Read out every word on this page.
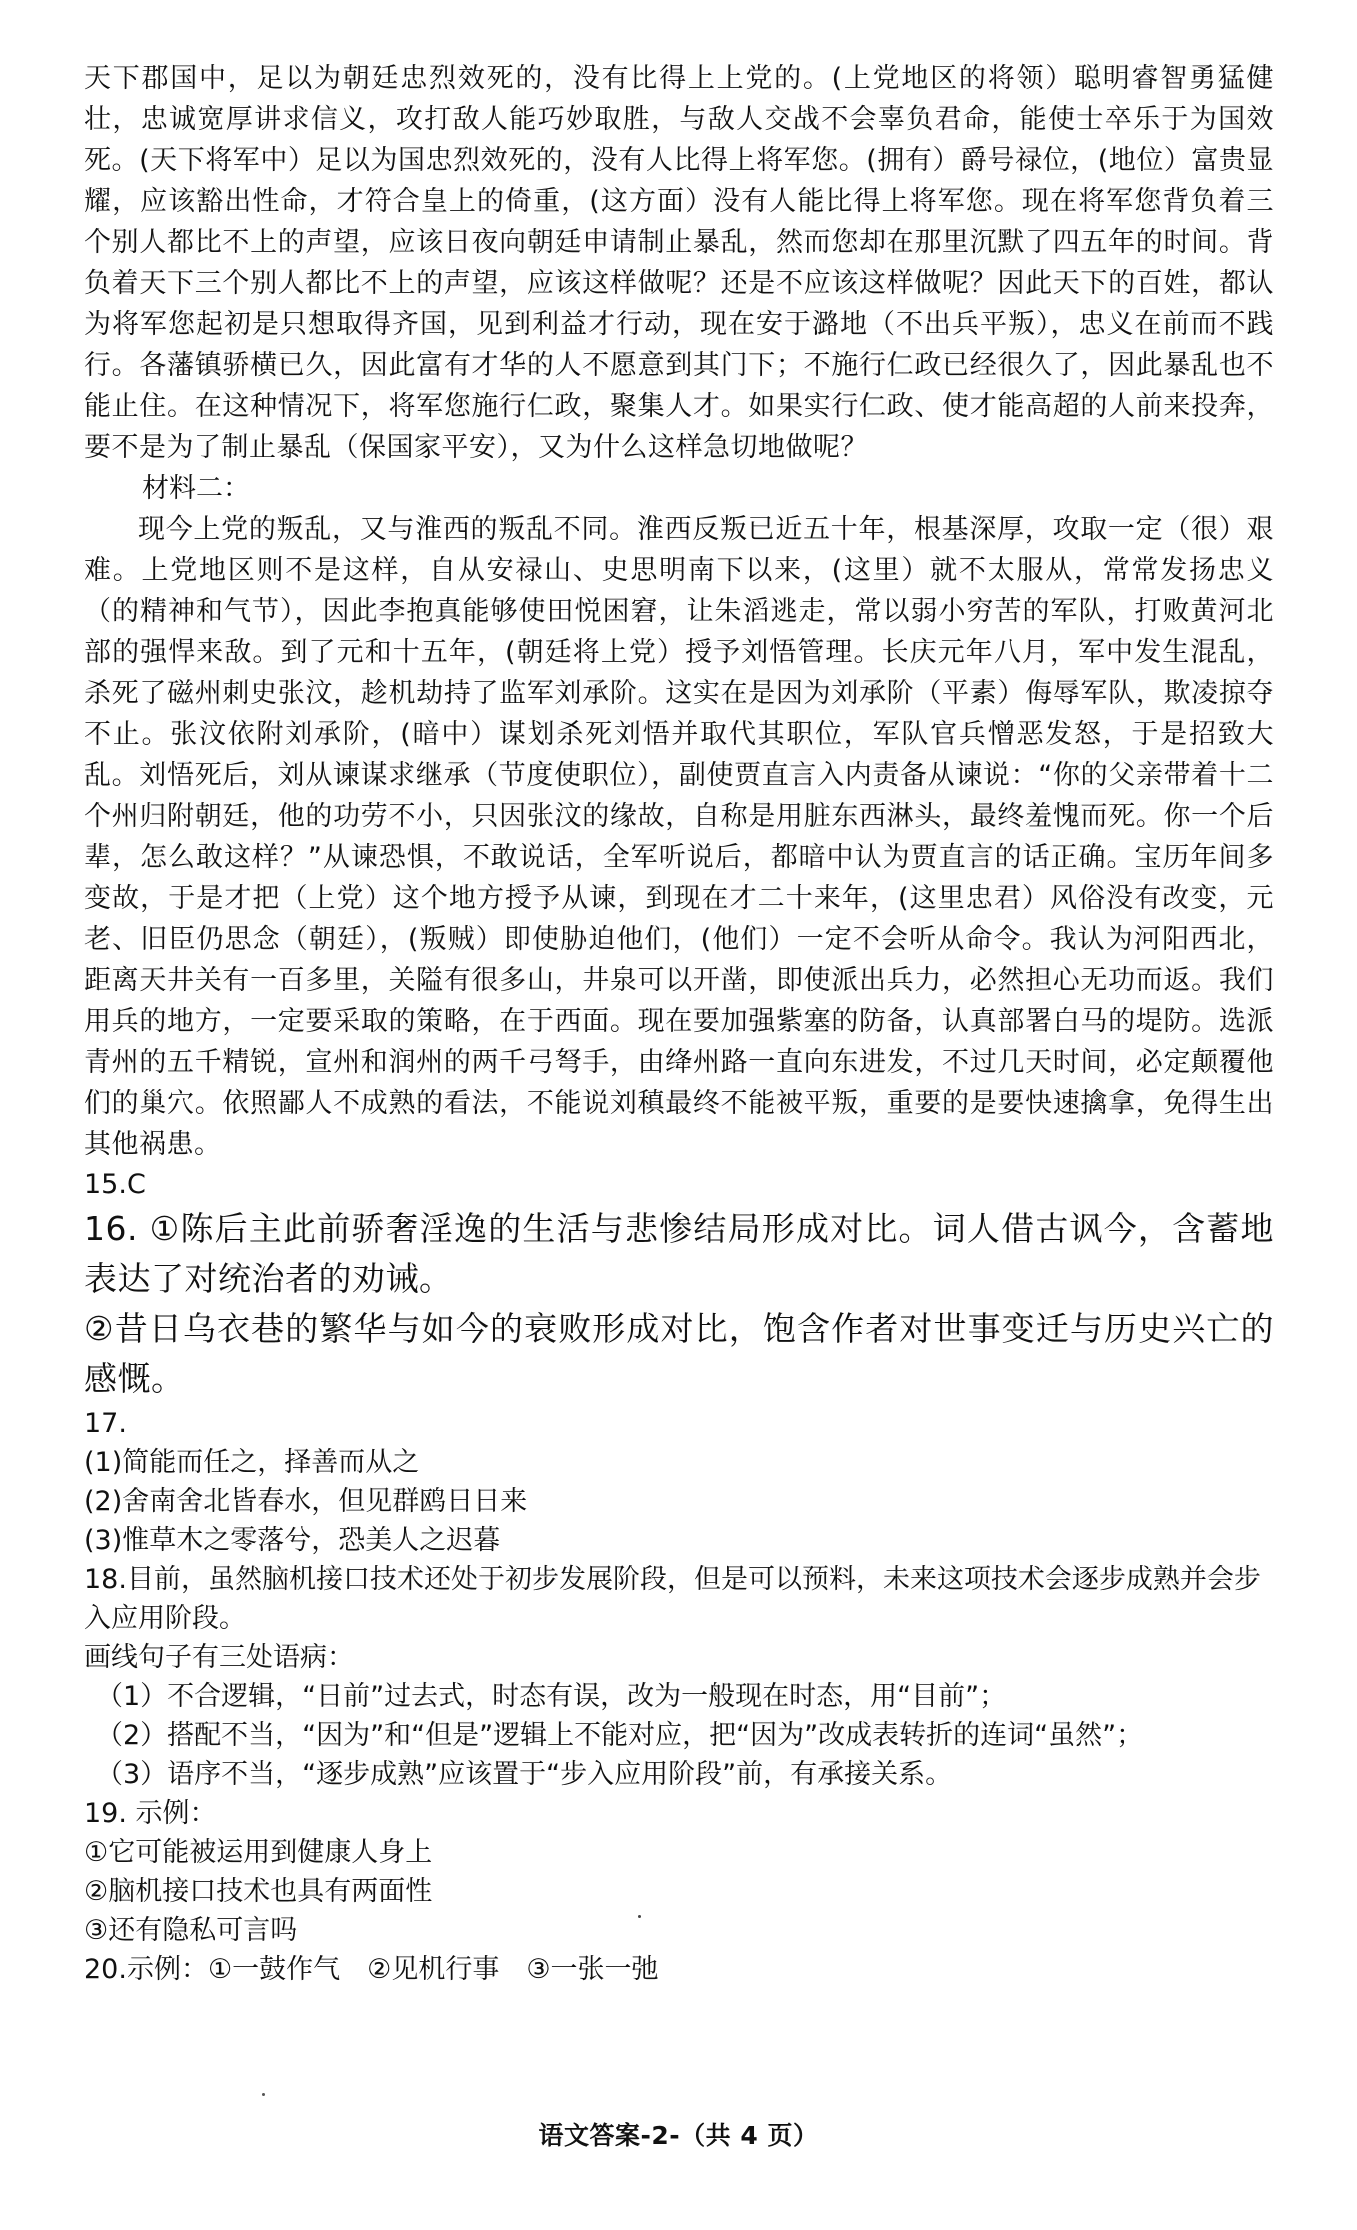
天下郡国中，足以为朝廷忠烈效死的，没有比得上上党的。(上党地区的将领）聪明睿智勇猛健壮，忠诚宽厚讲求信义，攻打敌人能巧妙取胜，与敌人交战不会辜负君命，能使士卒乐于为国效死。(天下将军中）足以为国忠烈效死的，没有人比得上将军您。(拥有）爵号禄位，(地位）富贵显耀，应该豁出性命，才符合皇上的倚重，(这方面）没有人能比得上将军您。现在将军您背负着三个别人都比不上的声望，应该日夜向朝廷申请制止暴乱，然而您却在那里沉默了四五年的时间。背负着天下三个别人都比不上的声望，应该这样做呢？还是不应该这样做呢？因此天下的百姓，都认为将军您起初是只想取得齐国，见到利益才行动，现在安于潞地（不出兵平叛），忠义在前而不践行。各藩镇骄横已久，因此富有才华的人不愿意到其门下；不施行仁政已经很久了，因此暴乱也不能止住。在这种情况下，将军您施行仁政，聚集人才。如果实行仁政、使才能高超的人前来投奔，要不是为了制止暴乱（保国家平安），又为什么这样急切地做呢？

材料二：

现今上党的叛乱，又与淮西的叛乱不同。淮西反叛已近五十年，根基深厚，攻取一定（很）艰难。上党地区则不是这样，自从安禄山、史思明南下以来，(这里）就不太服从，常常发扬忠义（的精神和气节），因此李抱真能够使田悦困窘，让朱滔逃走，常以弱小穷苦的军队，打败黄河北部的强悍来敌。到了元和十五年，(朝廷将上党）授予刘悟管理。长庆元年八月，军中发生混乱，杀死了磁州刺史张汶，趁机劫持了监军刘承阶。这实在是因为刘承阶（平素）侮辱军队，欺凌掠夺不止。张汶依附刘承阶，(暗中）谋划杀死刘悟并取代其职位，军队官兵憎恶发怒，于是招致大乱。刘悟死后，刘从谏谋求继承（节度使职位），副使贾直言入内责备从谏说：“你的父亲带着十二个州归附朝廷，他的功劳不小，只因张汶的缘故，自称是用脏东西淋头，最终羞愧而死。你一个后辈，怎么敢这样？”从谏恐惧，不敢说话，全军听说后，都暗中认为贾直言的话正确。宝历年间多变故，于是才把（上党）这个地方授予从谏，到现在才二十来年，(这里忠君）风俗没有改变，元老、旧臣仍思念（朝廷），(叛贼）即使胁迫他们，(他们）一定不会听从命令。我认为河阳西北，距离天井关有一百多里，关隘有很多山，井泉可以开凿，即使派出兵力，必然担心无功而返。我们用兵的地方，一定要采取的策略，在于西面。现在要加强紫塞的防备，认真部署白马的堤防。选派青州的五千精锐，宣州和润州的两千弓弩手，由绛州路一直向东进发，不过几天时间，必定颠覆他们的巢穴。依照鄙人不成熟的看法，不能说刘稹最终不能被平叛，重要的是要快速擒拿，免得生出其他祸患。

15.C

16. ①陈后主此前骄奢淫逸的生活与悲惨结局形成对比。词人借古讽今，含蓄地表达了对统治者的劝诫。

②昔日乌衣巷的繁华与如今的衰败形成对比，饱含作者对世事变迁与历史兴亡的感慨。

17.

(1)简能而任之，择善而从之

(2)舍南舍北皆春水，但见群鸥日日来

(3)惟草木之零落兮，恐美人之迟暮

18.目前，虽然脑机接口技术还处于初步发展阶段，但是可以预料，未来这项技术会逐步成熟并会步入应用阶段。

画线句子有三处语病：

（1）不合逻辑，“日前”过去式，时态有误，改为一般现在时态，用“目前”；

（2）搭配不当，“因为”和“但是”逻辑上不能对应，把“因为”改成表转折的连词“虽然”；

（3）语序不当，“逐步成熟”应该置于“步入应用阶段”前，有承接关系。

19. 示例：

①它可能被运用到健康人身上

②脑机接口技术也具有两面性

③还有隐私可言吗

20.示例：①一鼓作气　②见机行事　③一张一弛

语文答案-2-（共 4 页）
